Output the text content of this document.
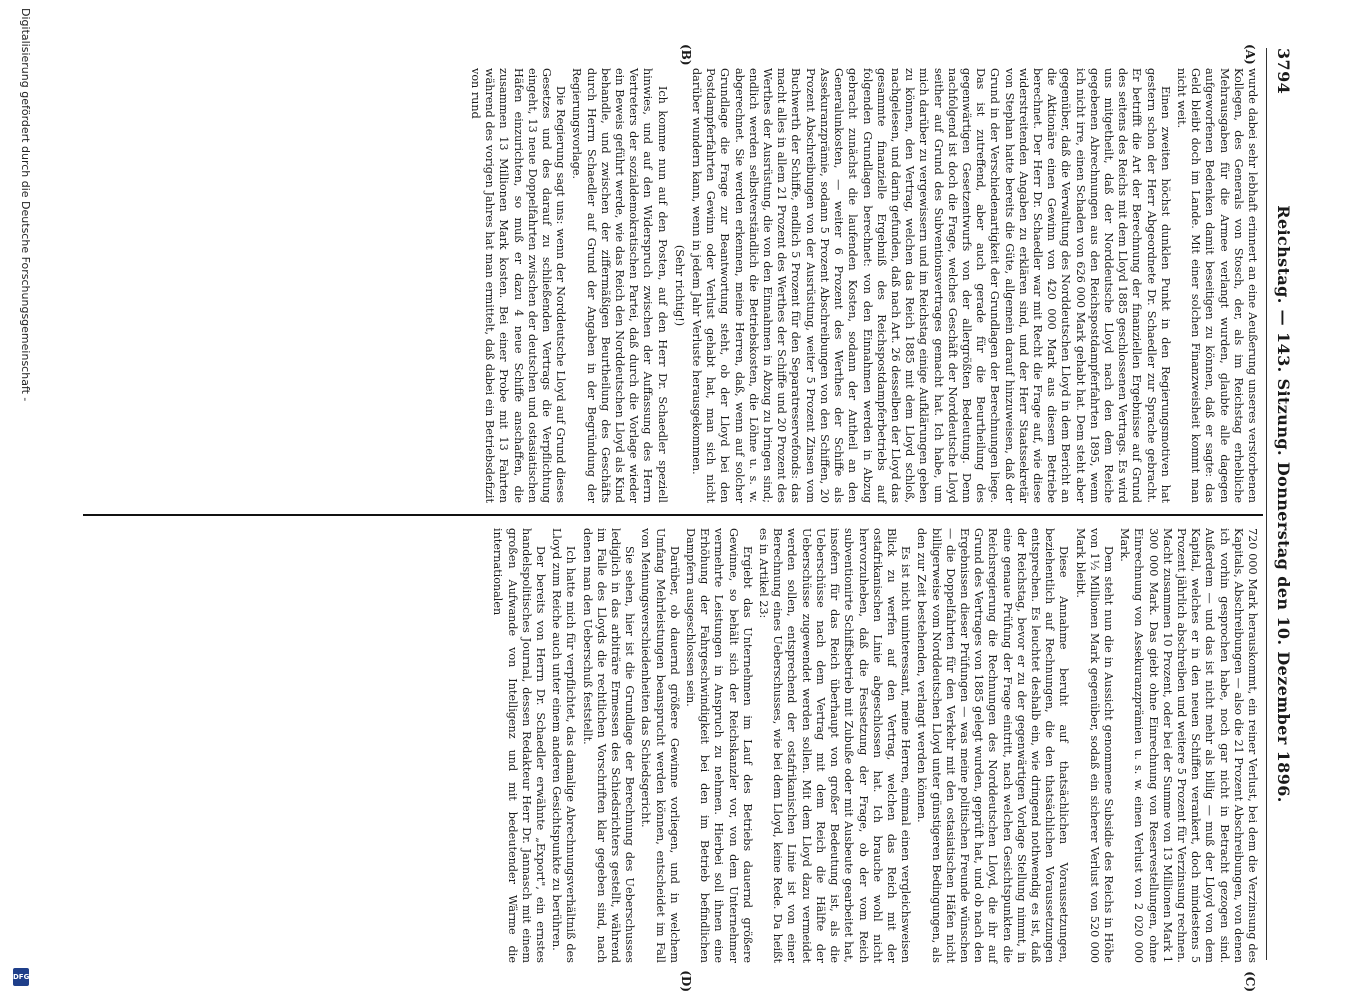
Digitalisierung gefördert durch die Deutsche Forschungsgemeinschaft -
DFG
3794
Reichstag. — 143. Sitzung. Donnerstag den 10. Dezember 1896.
(A)
(B)
(C)
(D)

wurde dabei sehr lebhaft erinnert an eine Aeußerung unseres verstorbenen Kollegen, des Generals von Stosch, der, als im Reichstag erhebliche Mehrausgaben für die Armee verlangt wurden, glaubte alle dagegen aufgeworfenen Bedenken damit beseitigen zu können, daß er sagte: das Geld bleibt doch im Lande. Mit einer solchen Finanzweisheit kommt man nicht weit.

Einen zweiten höchst dunklen Punkt in den Regierungsmotiven hat gestern schon der Herr Abgeordnete Dr. Schaedler zur Sprache gebracht. Er betrifft die Art der Berechnung der finanziellen Ergebnisse auf Grund des seitens des Reichs mit dem Lloyd 1885 geschlossenen Vertrags. Es wird uns mitgetheilt, daß der Norddeutsche Lloyd nach den dem Reiche gegebenen Abrechnungen aus den Reichspostdampferfahrten 1895, wenn ich nicht irre, einen Schaden von 626 000 Mark gehabt hat. Dem steht aber gegenüber, daß die Verwaltung des Norddeutschen Lloyd in dem Bericht an die Aktionäre einen Gewinn von 420 000 Mark aus diesem Betriebe berechnet. Der Herr Dr. Schaedler war mit Recht die Frage auf, wie diese widerstreitenden Angaben zu erklären sind, und der Herr Staatssekretär von Stephan hatte bereits die Güte, allgemein darauf hinzuweisen, daß der Grund in der Verschiedenartigkeit der Grundlagen der Berechnungen liege. Das ist zutreffend, aber auch gerade für die Beurtheilung des gegenwärtigen Gesetzentwurfs von der allergrößten Bedeutung. Denn nachfolgend ist doch die Frage, welches Geschäft der Norddeutsche Lloyd seither auf Grund des Subventionsvertrages gemacht hat. Ich habe, um mich darüber zu vergewissern und im Reichstag einige Aufklärungen geben zu können, den Vertrag, welchen das Reich 1885 mit dem Lloyd schloß, nachgelesen, und darin gefunden, daß nach Art. 26 desselben der Lloyd das gesammte finanzielle Ergebniß des Reichspostdampferbetriebs auf folgenden Grundlagen berechnet: von den Einnahmen werden in Abzug gebracht zunächst die laufenden Kosten, sodann der Antheil an den Generalunkosten, — weiter 6 Prozent des Werthes der Schiffe als Assekuranzprämie, sodann 5 Prozent Abschreibungen von den Schiffen, 20 Prozent Abschreibungen von der Ausrüstung, weiter 5 Prozent Zinsen vom Buchwerth der Schiffe, endlich 5 Prozent für den Separatreservefonds: das macht alles in allem 21 Prozent des Werthes der Schiffe und 20 Prozent des Werthes der Ausrüstung, die von den Einnahmen in Abzug zu bringen sind; endlich werden selbstverständlich die Betriebskosten, die Löhne u. s. w. abgerechnet. Sie werden erkennen, meine Herren, daß, wenn auf solcher Grundlage die Frage zur Beantwortung steht, ob der Lloyd bei den Postdampferfahrten Gewinn oder Verlust gehabt hat, man sich nicht darüber wundern kann, wenn in jedem Jahr Verluste herausgekommen.

(Sehr richtig!)

Ich komme nun auf den Posten, auf den Herr Dr. Schaedler speziell hinwies, und auf den Widerspruch zwischen der Auffassung des Herrn Vertreters der sozialdemokratischen Partei, daß durch die Vorlage wieder ein Beweis geführt werde, wie das Reich den Norddeutschen Lloyd als Kind behandle, und zwischen der ziffermäßigen Beurtheilung des Geschäfts durch Herrn Schaedler auf Grund der Angaben in der Begründung der Regierungsvorlage.

Die Regierung sagt uns: wenn der Norddeutsche Lloyd auf Grund dieses Gesetzes und des darauf zu schließenden Vertrags die Verpflichtung eingeht, 13 neue Doppelfahrten zwischen der deutschen und ostasiatischen Häfen einzurichten, so muß er dazu 4 neue Schiffe anschaffen, die zusammen 13 Millionen Mark kosten. Bei einer Probe mit 13 Fahrten während des vorigen Jahres hat man ermittelt, daß dabei ein Betriebsdefizit von rund

720 000 Mark herauskommt, ein reiner Verlust, bei dem die Verzinsung des Kapitals, Abschreibungen — also die 21 Prozent Abschreibungen, von denen ich vorhin gesprochen habe, noch gar nicht in Betracht gezogen sind. Außerdem — und das ist nicht mehr als billig — muß der Lloyd von dem Kapital, welches er in den neuen Schiffen verankert, doch mindestens 5 Prozent jährlich abschreiben und weitere 5 Prozent für Verzinsung rechnen. Macht zusammen 10 Prozent, oder bei der Summe von 13 Millionen Mark 1 300 000 Mark. Das giebt ohne Einrechnung von Reservestellungen, ohne Einrechnung von Assekuranzprämien u. s. w. einen Verlust von 2 020 000 Mark.

Dem steht nun die in Aussicht genommene Subsidie des Reichs in Höhe von 1½ Millionen Mark gegenüber, sodaß ein sicherer Verlust von 520 000 Mark bleibt.

Diese Annahme beruht auf thatsächlichen Voraussetzungen, beziehentlich auf Rechnungen, die den thatsächlichen Voraussetzungen entsprechen. Es leuchtet deshalb ein, wie dringend nothwendig es ist, daß der Reichstag, bevor er zu der gegenwärtigen Vorlage Stellung nimmt, in eine genaue Prüfung der Frage eintritt, nach welchen Gesichtspunkten die Reichsregierung die Rechnungen des Norddeutschen Lloyd, die ihr auf Grund des Vertrages von 1885 gelegt wurden, geprüft hat, und ob nach den Ergebnissen dieser Prüfungen — was meine politischen Freunde wünschen — die Doppelfahrten für den Verkehr mit den ostasiatischen Häfen nicht billigerweise vom Norddeutschen Lloyd unter günstigeren Bedingungen, als den zur Zeit bestehenden, verlangt werden können.

Es ist nicht uninteressant, meine Herren, einmal einen vergleichsweisen Blick zu werfen auf den Vertrag, welchen das Reich mit der ostafrikanischen Linie abgeschlossen hat. Ich brauche wohl nicht hervorzuheben, daß die Festsetzung der Frage, ob der vom Reich subventionirte Schiffsbetrieb mit Zubuße oder mit Ausbeute gearbeitet hat, insofern für das Reich überhaupt von großer Bedeutung ist, als die Ueberschüsse nach dem Vertrag mit dem Reich die Hälfte der Ueberschüsse zugewendet werden sollen. Mit dem Lloyd dazu vermeidet werden sollen, entsprechend der ostafrikanischen Linie ist von einer Berechnung eines Ueberschusses, wie bei dem Lloyd, keine Rede. Da heißt es in Artikel 23:

Ergiebt das Unternehmen im Lauf des Betriebs dauernd größere Gewinne, so behält sich der Reichskanzler vor, von dem Unternehmer vermehrte Leistungen in Anspruch zu nehmen. Hierbei soll ihnen eine Erhöhung der Fahrgeschwindigkeit bei den im Betrieb befindlichen Dampfern ausgeschlossen sein.

Darüber, ob dauernd größere Gewinne vorliegen, und in welchem Umfang Mehrleistungen beansprucht werden können, entscheidet im Fall von Meinungsverschiedenheiten das Schiedsgericht.

Sie sehen, hier ist die Grundlage der Berechnung des Ueberschusses lediglich in das arbiträre Ermessen des Schiedsrichters gestellt, während im Falle des Lloyds die rechtlichen Vorschriften klar gegeben sind, nach denen man den Ueberschuß feststellt.

Ich hatte mich für verpflichtet, das damalige Abrechnungsverhältniß des Lloyd zum Reiche auch unter einem anderen Gesichtspunkte zu berühren.

Der bereits von Herrn Dr. Schaedler erwähnte „Export", ein ernstes handelspolitisches Journal, dessen Redakteur Herr Dr. Jannasch mit einem großen Aufwande von Intelligenz und mit bedeutender Wärme die internationalen
